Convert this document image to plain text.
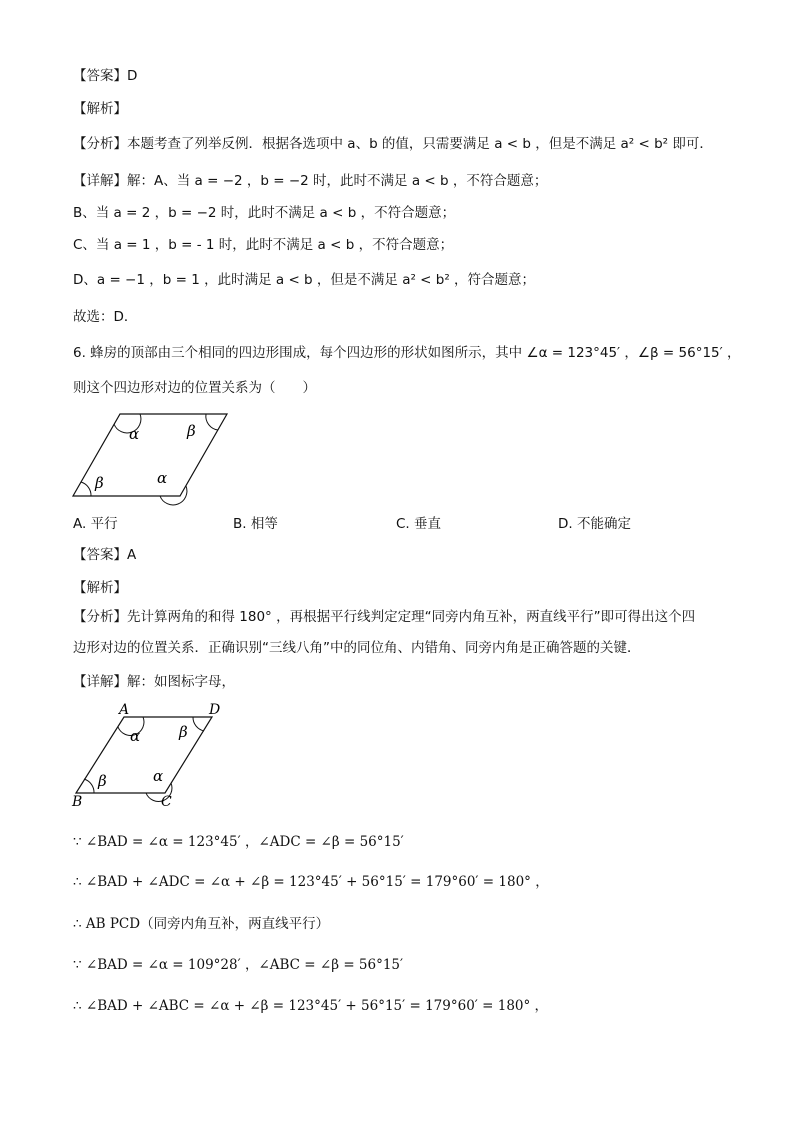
【答案】D
【解析】
【分析】本题考查了列举反例．根据各选项中 a、b 的值，只需要满足 a < b ，但是不满足 a² < b² 即可．
【详解】解：A、当 a = −2 ，b = −2 时，此时不满足 a < b ，不符合题意；
B、当 a = 2 ，b = −2 时，此时不满足 a < b ，不符合题意；
C、当 a = 1 ，b = - 1 时，此时不满足 a < b ，不符合题意；
D、a = −1 ，b = 1 ，此时满足 a < b ，但是不满足 a² < b² ，符合题意；
故选：D．
6. 蜂房的顶部由三个相同的四边形围成，每个四边形的形状如图所示，其中 ∠α = 123°45′ ，∠β = 56°15′ ，
则这个四边形对边的位置关系为（　　）
α	β
β	α
A. 平行	B. 相等	C. 垂直	D. 不能确定
【答案】A
【解析】
【分析】先计算两角的和得 180° ，再根据平行线判定定理“同旁内角互补，两直线平行”即可得出这个四
边形对边的位置关系．正确识别“三线八角”中的同位角、内错角、同旁内角是正确答题的关键．
【详解】解：如图标字母，
A	D
B	C
α	β
β	α
∵ ∠BAD = ∠α = 123°45′ ，∠ADC = ∠β = 56°15′
∴ ∠BAD + ∠ADC = ∠α + ∠β = 123°45′ + 56°15′ = 179°60′ = 180° ，
∴ AB PCD（同旁内角互补，两直线平行）
∵ ∠BAD = ∠α = 109°28′ ，∠ABC = ∠β = 56°15′
∴ ∠BAD + ∠ABC = ∠α + ∠β = 123°45′ + 56°15′ = 179°60′ = 180° ，
